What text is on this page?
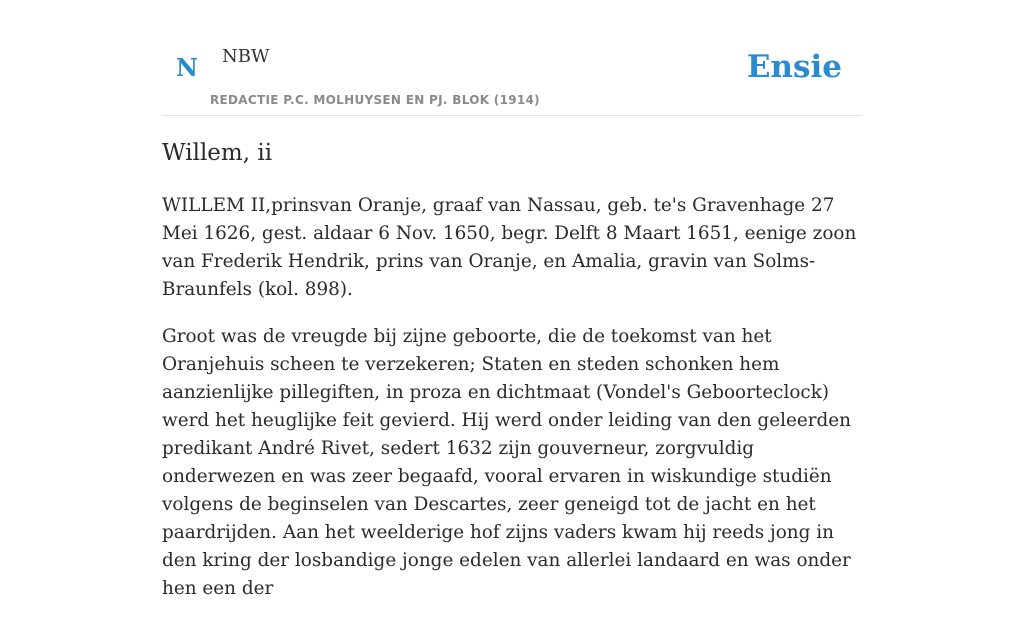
N NBW
REDACTIE P.C. MOLHUYSEN EN PJ. BLOK (1914)
Ensie
Willem, ii

WILLEM II,prinsvan Oranje, graaf van Nassau, geb. te's Gravenhage 27 Mei 1626, gest. aldaar 6 Nov. 1650, begr. Delft 8 Maart 1651, eenige zoon van Frederik Hendrik, prins van Oranje, en Amalia, gravin van Solms-Braunfels (kol. 898).

Groot was de vreugde bij zijne geboorte, die de toekomst van het Oranjehuis scheen te verzekeren; Staten en steden schonken hem aanzienlijke pillegiften, in proza en dichtmaat (Vondel's Geboorteclock) werd het heuglijke feit gevierd. Hij werd onder leiding van den geleerden predikant André Rivet, sedert 1632 zijn gouverneur, zorgvuldig onderwezen en was zeer begaafd, vooral ervaren in wiskundige studiën volgens de beginselen van Descartes, zeer geneigd tot de jacht en het paardrijden. Aan het weelderige hof zijns vaders kwam hij reeds jong in den kring der losbandige jonge edelen van allerlei landaard en was onder hen een der
